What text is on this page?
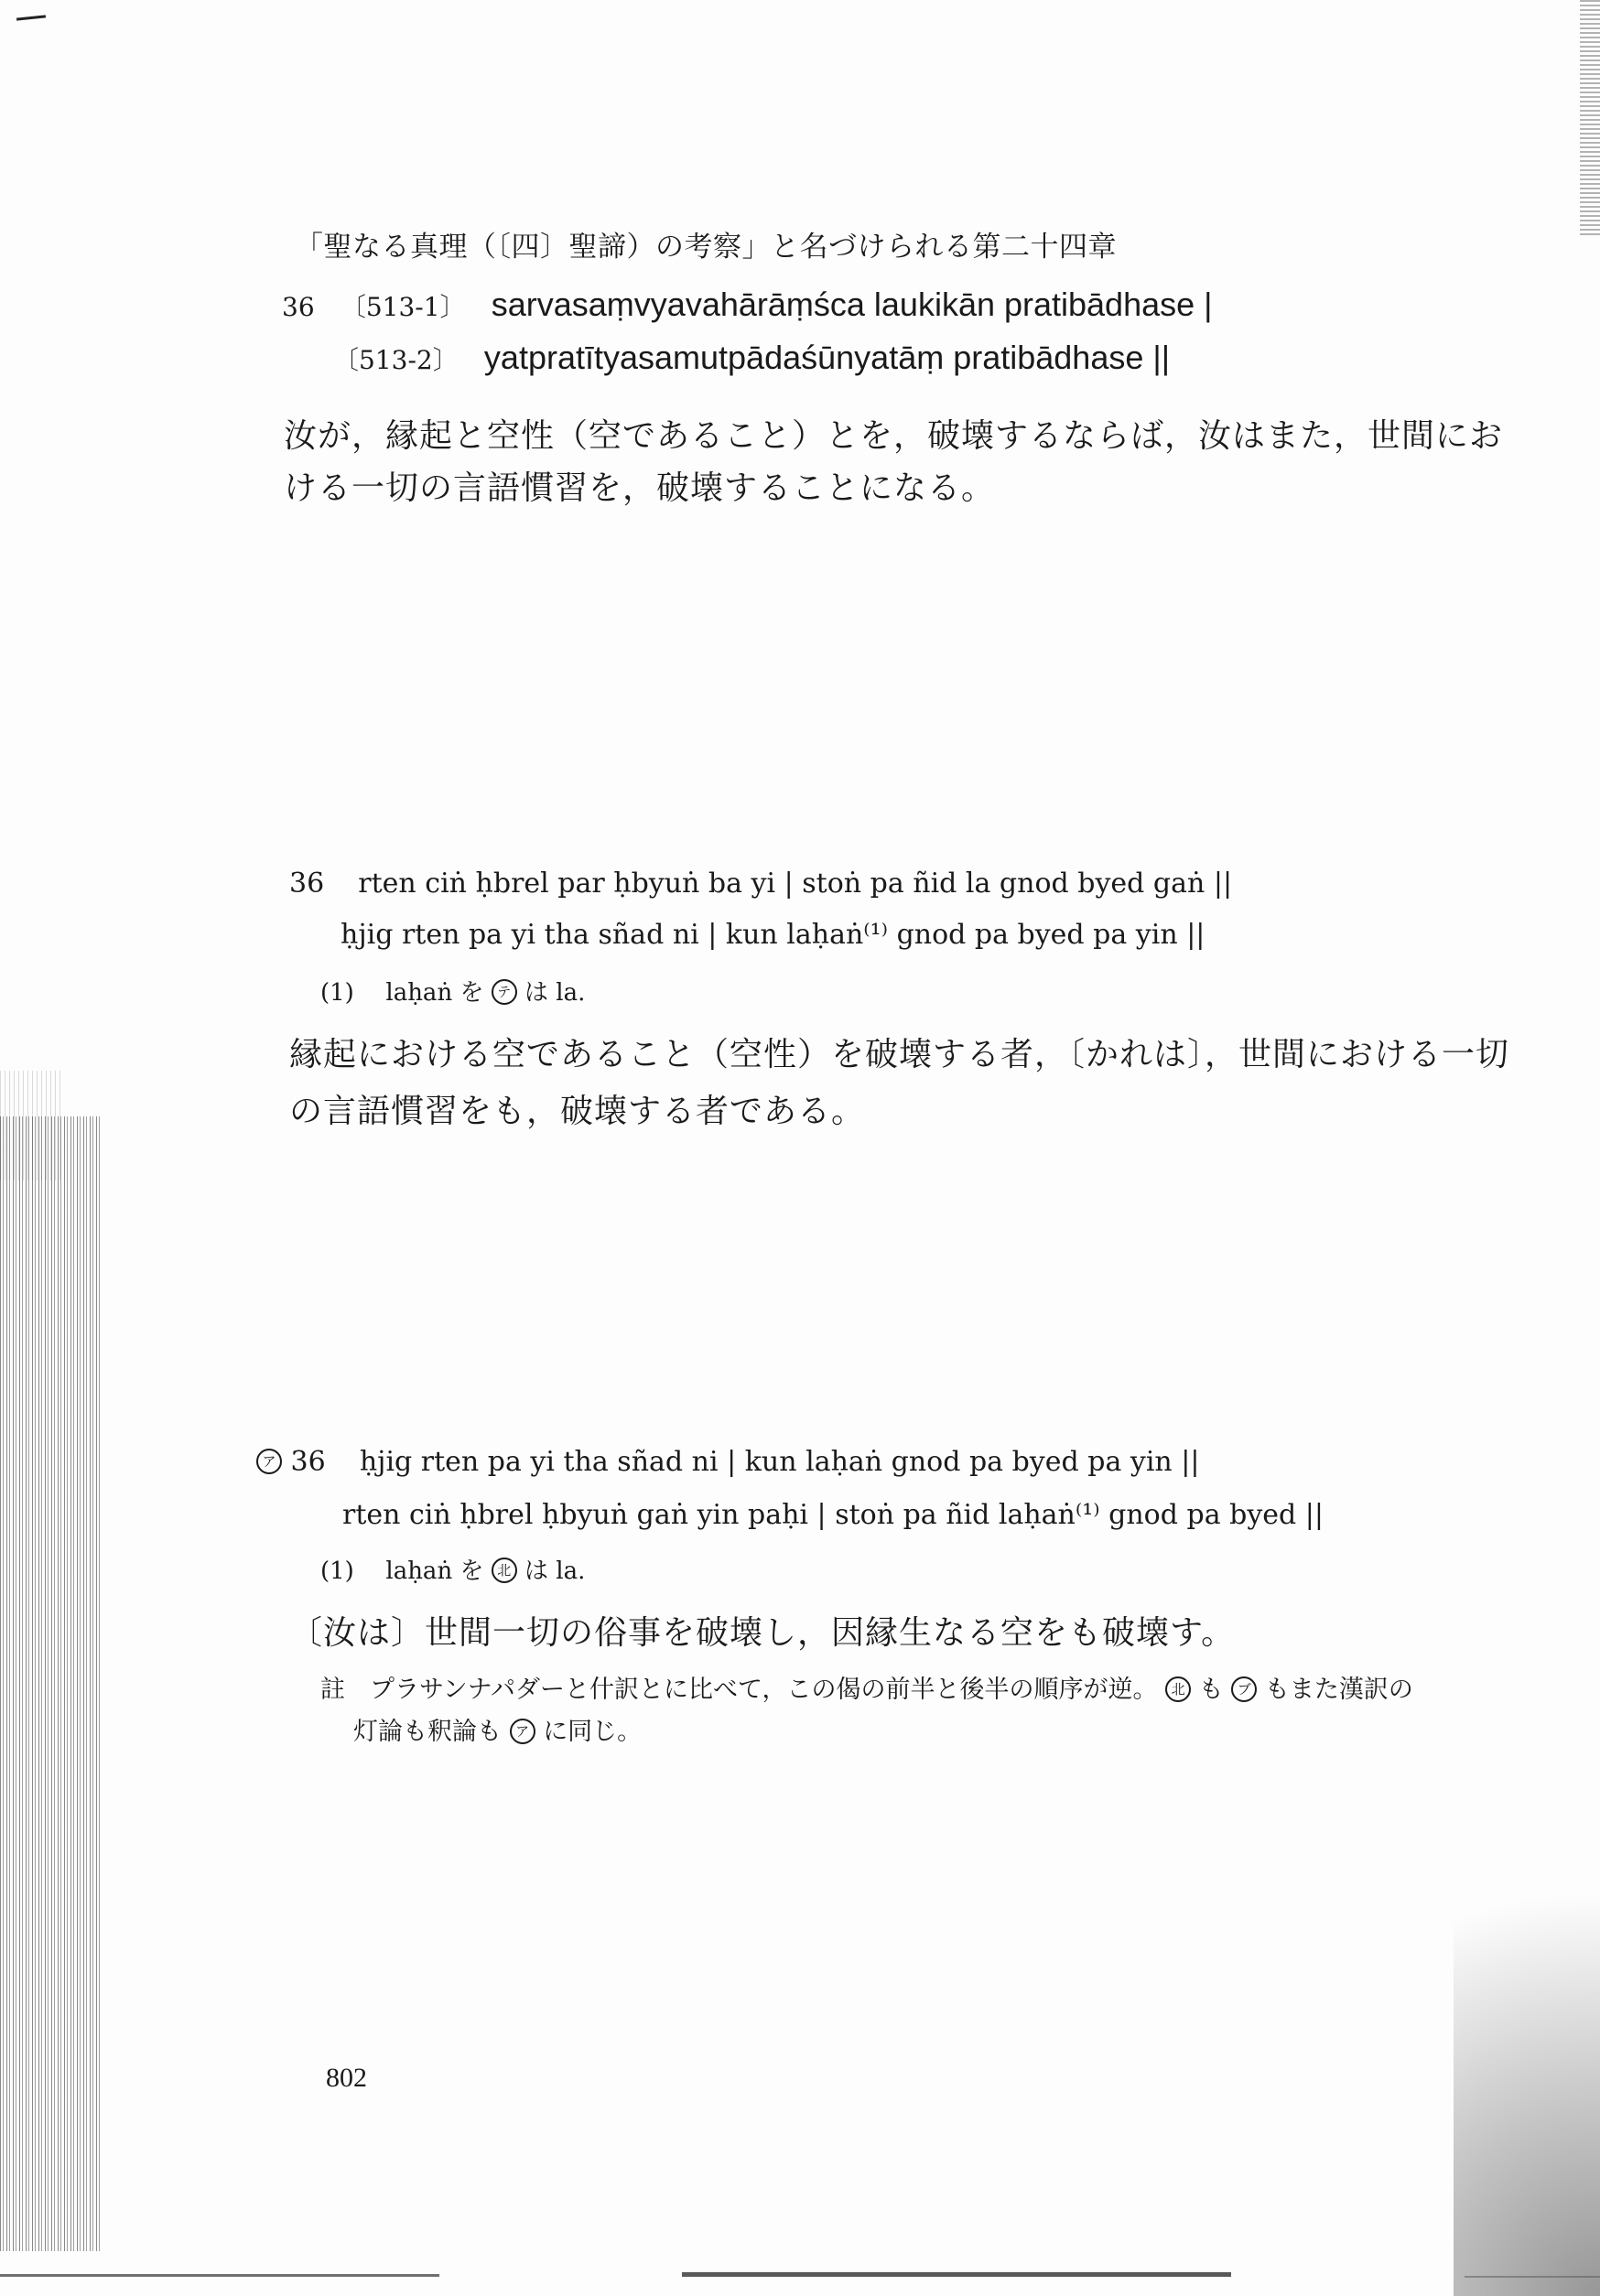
「聖なる真理（〔四〕聖諦）の考察」と名づけられる第二十四章
36 〔513-1〕 sarvasaṃvyavahārāṃśca laukikān pratibādhase |
〔513-2〕 yatpratītyasamutpādaśūnyatāṃ pratibādhase ||
汝が，縁起と空性（空であること）とを，破壊するならば，汝はまた，世間にお
ける一切の言語慣習を，破壊することになる。
36 rten ciṅ ḥbrel par ḥbyuṅ ba yi | stoṅ pa ñid la gnod byed gaṅ ||
ḥjig rten pa yi tha sñad ni | kun laḥaṅ⁽¹⁾ gnod pa byed pa yin ||
(1) laḥaṅ を テ は la.
縁起における空であること（空性）を破壊する者，〔かれは〕，世間における一切
の言語慣習をも，破壊する者である。
ア 36 ḥjig rten pa yi tha sñad ni | kun laḥaṅ gnod pa byed pa yin ||
rten ciṅ ḥbrel ḥbyuṅ gaṅ yin paḥi | stoṅ pa ñid laḥaṅ⁽¹⁾ gnod pa byed ||
(1) laḥaṅ を 北 は la.
〔汝は〕世間一切の俗事を破壊し，因縁生なる空をも破壊す。
註　プラサンナパダーと什訳とに比べて，この偈の前半と後半の順序が逆。 北 も ブ もまた漢訳の
灯論も釈論も ア に同じ。
802
